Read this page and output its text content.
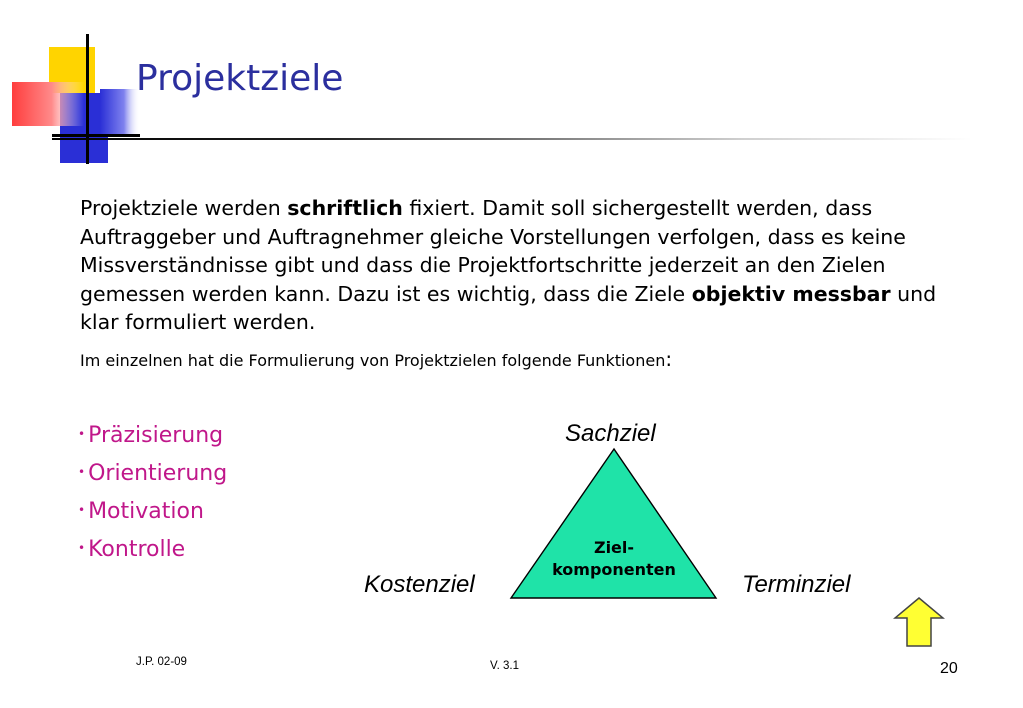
Projektziele
Projektziele werden schriftlich fixiert. Damit soll sichergestellt werden, dass Auftraggeber und Auftragnehmer gleiche Vorstellungen verfolgen, dass es keine Missverständnisse gibt und dass die Projektfortschritte jederzeit an den Zielen gemessen werden kann. Dazu ist es wichtig, dass die Ziele objektiv messbar und klar formuliert werden.
Im einzelnen hat die Formulierung von Projektzielen folgende Funktionen:
• Präzisierung
• Orientierung
• Motivation
• Kontrolle	Ziel-
komponenten
Sachziel
Kostenziel	Terminziel
J.P. 02-09	V. 3.1	20
